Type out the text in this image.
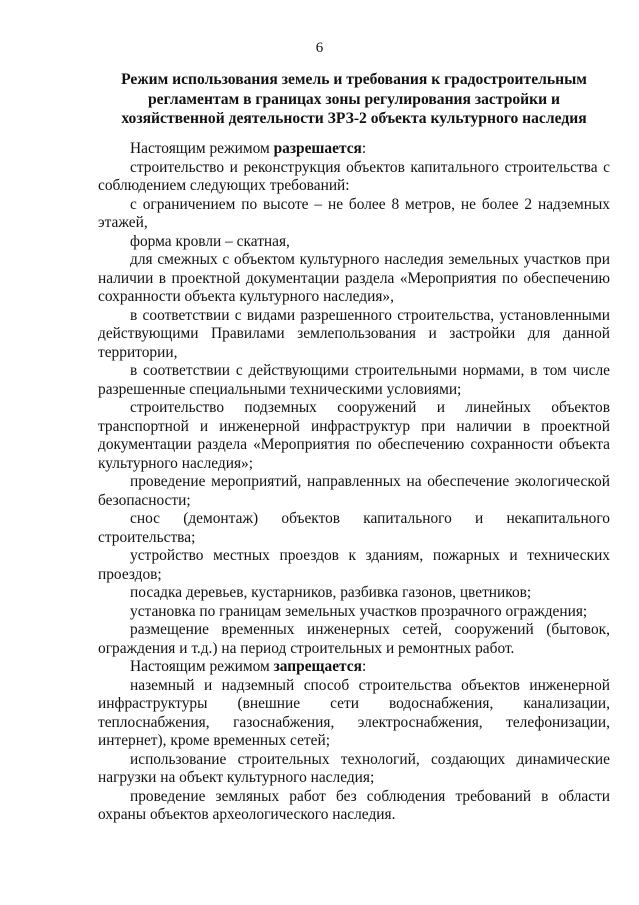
6
Режим использования земель и требования к градостроительным регламентам в границах зоны регулирования застройки и хозяйственной деятельности ЗРЗ-2 объекта культурного наследия

Настоящим режимом разрешается:

строительство и реконструкция объектов капитального строительства с соблюдением следующих требований:

с ограничением по высоте – не более 8 метров, не более 2 надземных этажей,

форма кровли – скатная,

для смежных с объектом культурного наследия земельных участков при наличии в проектной документации раздела «Мероприятия по обеспечению сохранности объекта культурного наследия»,

в соответствии с видами разрешенного строительства, установленными действующими Правилами землепользования и застройки для данной территории,

в соответствии с действующими строительными нормами, в том числе разрешенные специальными техническими условиями;

строительство подземных сооружений и линейных объектов транспортной и инженерной инфраструктур при наличии в проектной документации раздела «Мероприятия по обеспечению сохранности объекта культурного наследия»;

проведение мероприятий, направленных на обеспечение экологической безопасности;

снос (демонтаж) объектов капитального и некапитального строительства;

устройство местных проездов к зданиям, пожарных и технических проездов;

посадка деревьев, кустарников, разбивка газонов, цветников;

установка по границам земельных участков прозрачного ограждения;

размещение временных инженерных сетей, сооружений (бытовок, ограждения и т.д.) на период строительных и ремонтных работ.

Настоящим режимом запрещается:

наземный и надземный способ строительства объектов инженерной инфраструктуры (внешние сети водоснабжения, канализации, теплоснабжения, газоснабжения, электроснабжения, телефонизации, интернет), кроме временных сетей;

использование строительных технологий, создающих динамические нагрузки на объект культурного наследия;

проведение земляных работ без соблюдения требований в области охраны объектов археологического наследия.
